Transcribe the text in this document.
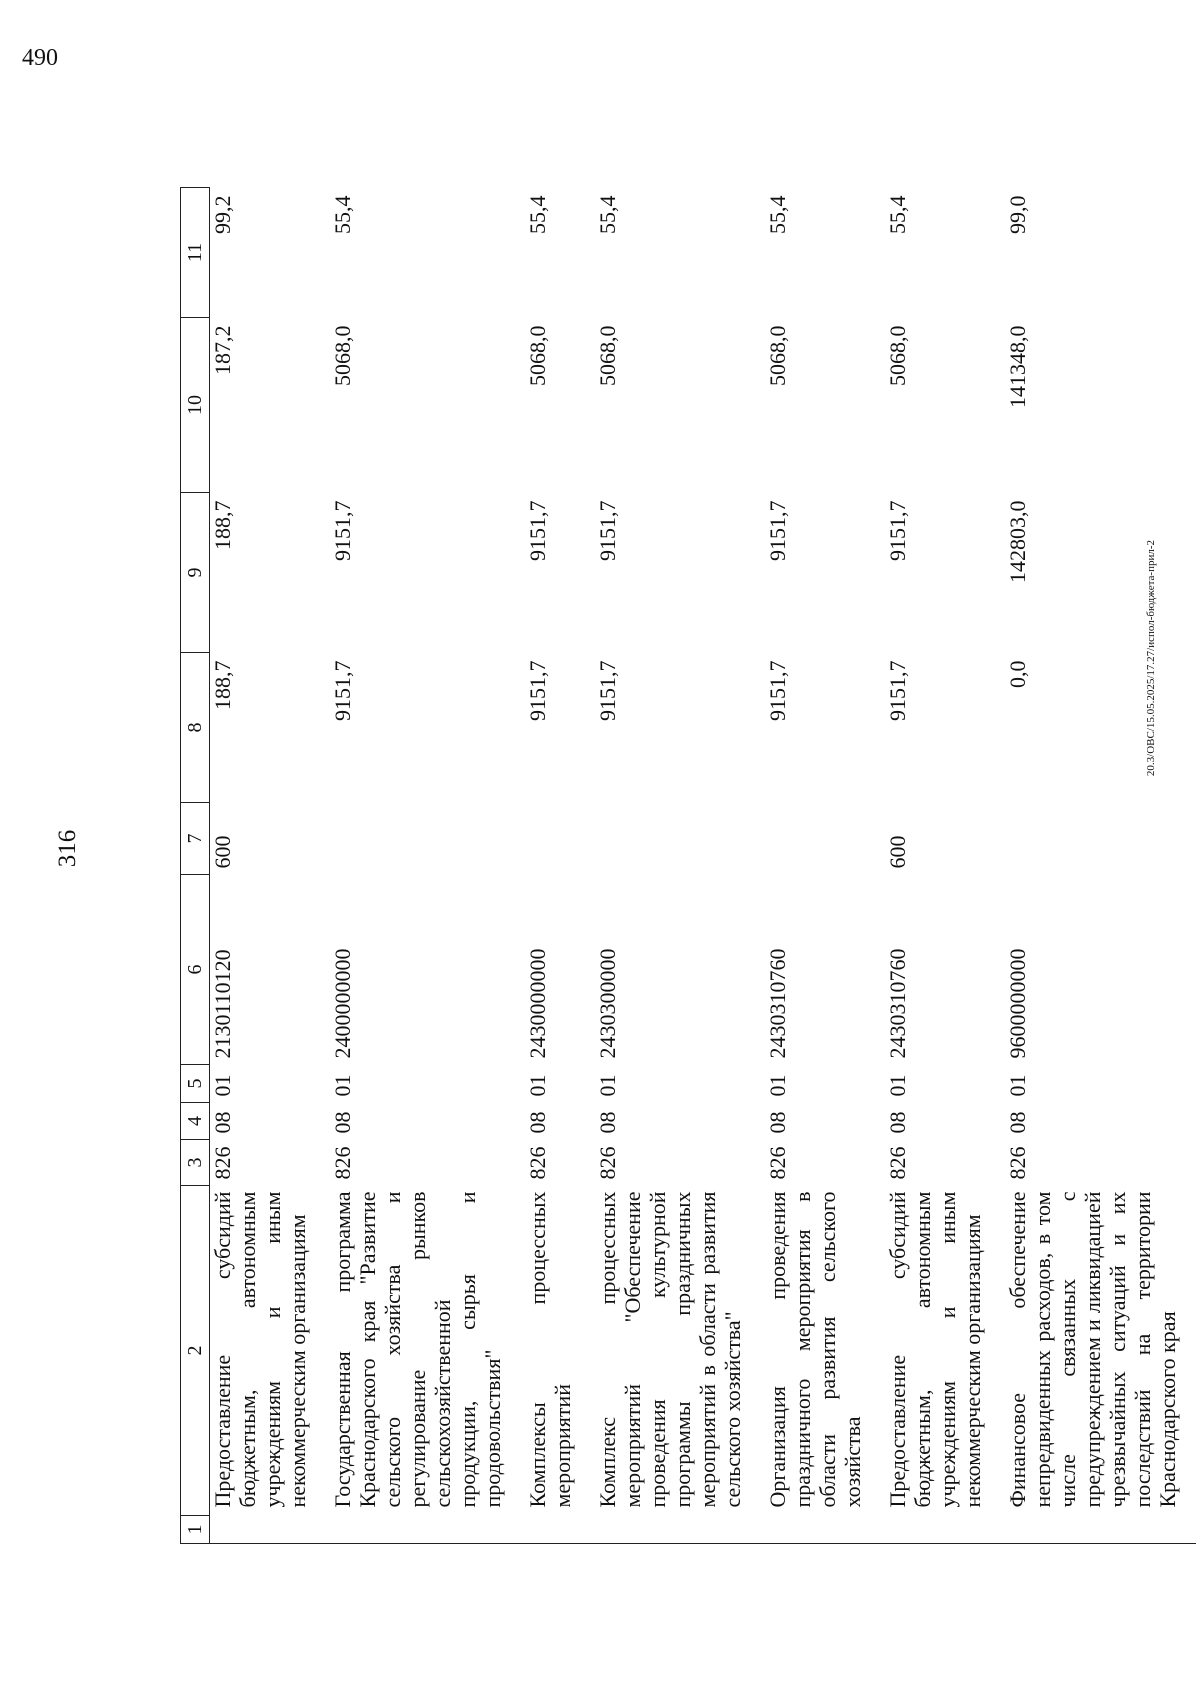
316
1	2	3	4	5	6	7	8	9	10	11
	Предоставление субсидий бюджетным, автономным учреждениям и иным некоммерческим организациям	826	08	01	2130110120	600	188,7	188,7	187,2	99,2
	Государственная программа Краснодарского края "Развитие сельского хозяйства и регулирование рынков сельскохозяйственной продукции, сырья и продовольствия"	826	08	01	2400000000		9151,7	9151,7	5068,0	55,4
	Комплексы процессных мероприятий	826	08	01	2430000000		9151,7	9151,7	5068,0	55,4
	Комплекс процессных мероприятий "Обеспечение проведения культурной программы праздничных мероприятий в области развития сельского хозяйства"	826	08	01	2430300000		9151,7	9151,7	5068,0	55,4
	Организация проведения праздничного мероприятия в области развития сельского хозяйства	826	08	01	2430310760		9151,7	9151,7	5068,0	55,4
	Предоставление субсидий бюджетным, автономным учреждениям и иным некоммерческим организациям	826	08	01	2430310760	600	9151,7	9151,7	5068,0	55,4
	Финансовое обеспечение непредвиденных расходов, в том числе связанных с предупреждением и ликвидацией чрезвычайных ситуаций и их последствий на территории Краснодарского края	826	08	01	9600000000		0,0	142803,0	141348,0	99,0
20.3/ОВС/15.05.2025/17.27/испол-бюджета-прил-2
490
